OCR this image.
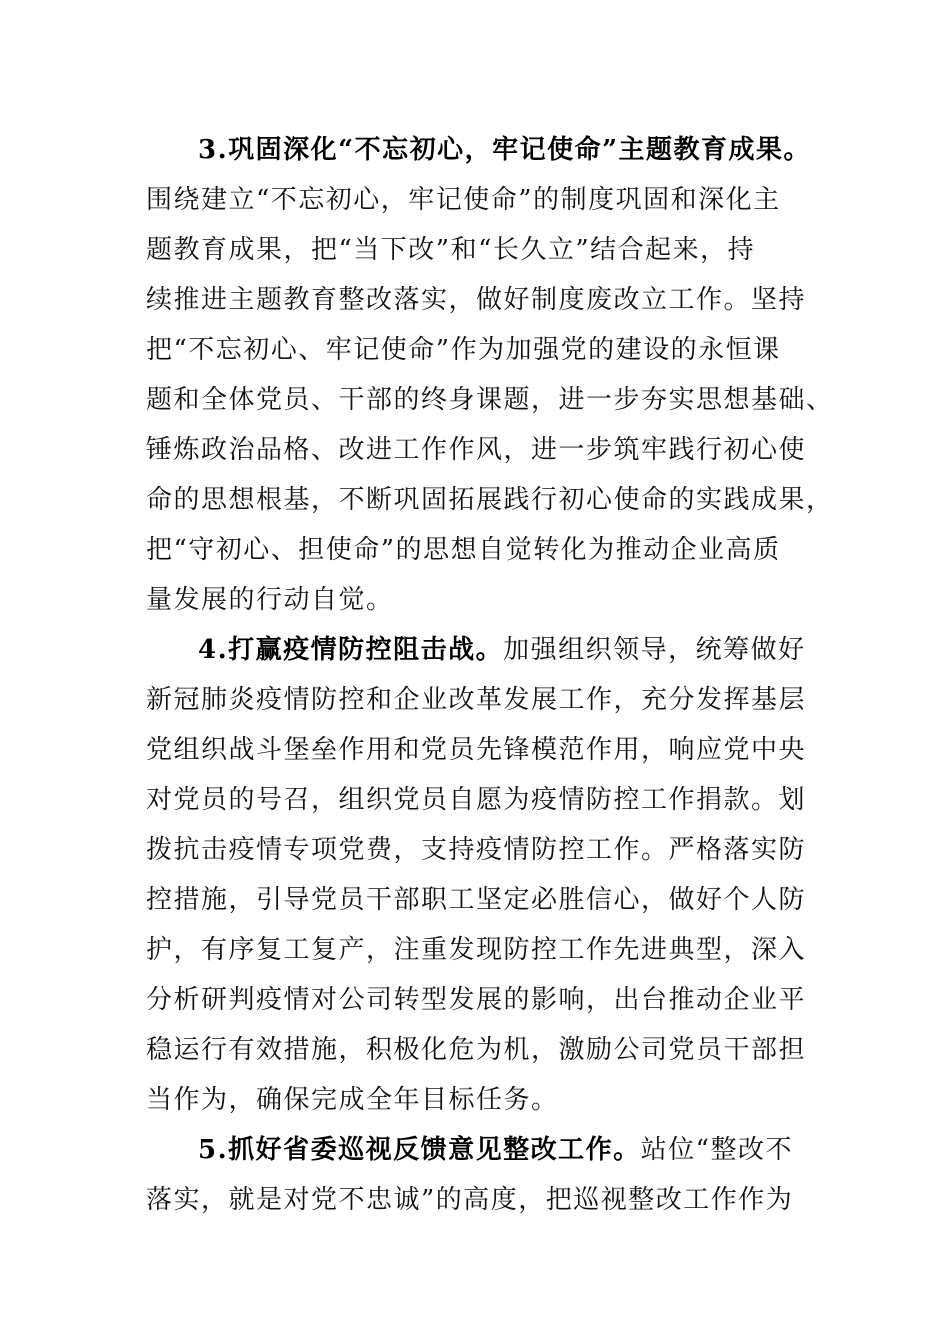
3.巩固深化“不忘初心，牢记使命”主题教育成果。
围绕建立“不忘初心，牢记使命”的制度巩固和深化主
题教育成果，把“当下改”和“长久立”结合起来，持
续推进主题教育整改落实，做好制度废改立工作。坚持
把“不忘初心、牢记使命”作为加强党的建设的永恒课
题和全体党员、干部的终身课题，进一步夯实思想基础、
锤炼政治品格、改进工作作风，进一步筑牢践行初心使
命的思想根基，不断巩固拓展践行初心使命的实践成果，
把“守初心、担使命”的思想自觉转化为推动企业高质
量发展的行动自觉。
4.打赢疫情防控阻击战。加强组织领导，统筹做好
新冠肺炎疫情防控和企业改革发展工作，充分发挥基层
党组织战斗堡垒作用和党员先锋模范作用，响应党中央
对党员的号召，组织党员自愿为疫情防控工作捐款。划
拨抗击疫情专项党费，支持疫情防控工作。严格落实防
控措施，引导党员干部职工坚定必胜信心，做好个人防
护，有序复工复产，注重发现防控工作先进典型，深入
分析研判疫情对公司转型发展的影响，出台推动企业平
稳运行有效措施，积极化危为机，激励公司党员干部担
当作为，确保完成全年目标任务。
5.抓好省委巡视反馈意见整改工作。站位“整改不
落实，就是对党不忠诚”的高度，把巡视整改工作作为
